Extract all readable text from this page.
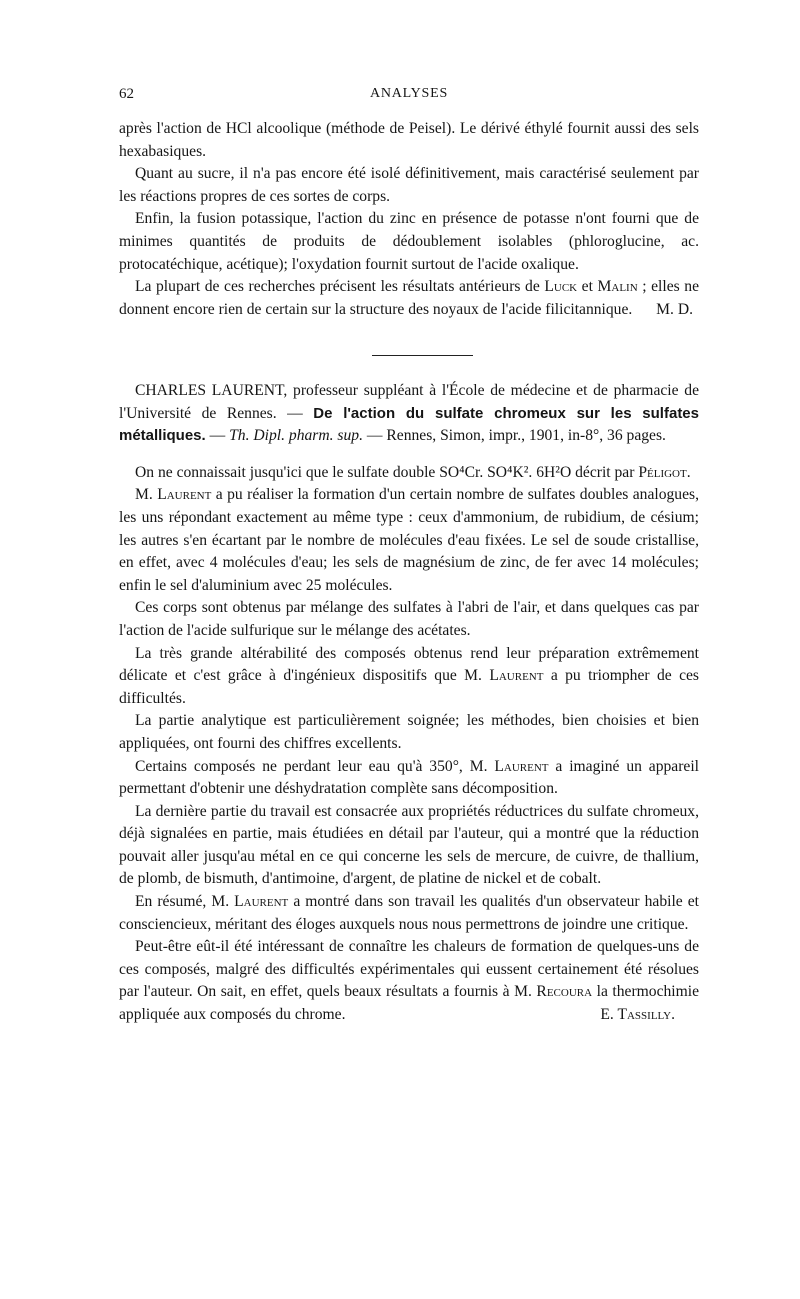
62	ANALYSES

après l'action de HCl alcoolique (méthode de Peisel). Le dérivé éthylé fournit aussi des sels hexabasiques.

Quant au sucre, il n'a pas encore été isolé définitivement, mais caractérisé seulement par les réactions propres de ces sortes de corps.

Enfin, la fusion potassique, l'action du zinc en présence de potasse n'ont fourni que de minimes quantités de produits de dédoublement isolables (phloroglucine, ac. protocatéchique, acétique); l'oxydation fournit surtout de l'acide oxalique.

La plupart de ces recherches précisent les résultats antérieurs de Luck et Malin ; elles ne donnent encore rien de certain sur la structure des noyaux de l'acide filicitannique.	M. D.

CHARLES LAURENT, professeur suppléant à l'École de médecine et de pharmacie de l'Université de Rennes. — De l'action du sulfate chromeux sur les sulfates métalliques. — Th. Dipl. pharm. sup. — Rennes, Simon, impr., 1901, in-8°, 36 pages.

On ne connaissait jusqu'ici que le sulfate double SO⁴Cr. SO⁴K². 6H²O décrit par Péligot.

M. Laurent a pu réaliser la formation d'un certain nombre de sulfates doubles analogues, les uns répondant exactement au même type : ceux d'ammonium, de rubidium, de césium; les autres s'en écartant par le nombre de molécules d'eau fixées. Le sel de soude cristallise, en effet, avec 4 molécules d'eau; les sels de magnésium de zinc, de fer avec 14 molécules; enfin le sel d'aluminium avec 25 molécules.

Ces corps sont obtenus par mélange des sulfates à l'abri de l'air, et dans quelques cas par l'action de l'acide sulfurique sur le mélange des acétates.

La très grande altérabilité des composés obtenus rend leur préparation extrêmement délicate et c'est grâce à d'ingénieux dispositifs que M. Laurent a pu triompher de ces difficultés.

La partie analytique est particulièrement soignée; les méthodes, bien choisies et bien appliquées, ont fourni des chiffres excellents.

Certains composés ne perdant leur eau qu'à 350°, M. Laurent a imaginé un appareil permettant d'obtenir une déshydratation complète sans décomposition.

La dernière partie du travail est consacrée aux propriétés réductrices du sulfate chromeux, déjà signalées en partie, mais étudiées en détail par l'auteur, qui a montré que la réduction pouvait aller jusqu'au métal en ce qui concerne les sels de mercure, de cuivre, de thallium, de plomb, de bismuth, d'antimoine, d'argent, de platine de nickel et de cobalt.

En résumé, M. Laurent a montré dans son travail les qualités d'un observateur habile et consciencieux, méritant des éloges auxquels nous nous permettrons de joindre une critique.

Peut-être eût-il été intéressant de connaître les chaleurs de formation de quelques-uns de ces composés, malgré des difficultés expérimentales qui eussent certainement été résolues par l'auteur. On sait, en effet, quels beaux résultats a fournis à M. Recoura la thermochimie appliquée aux composés du chrome.	E. Tassilly.
